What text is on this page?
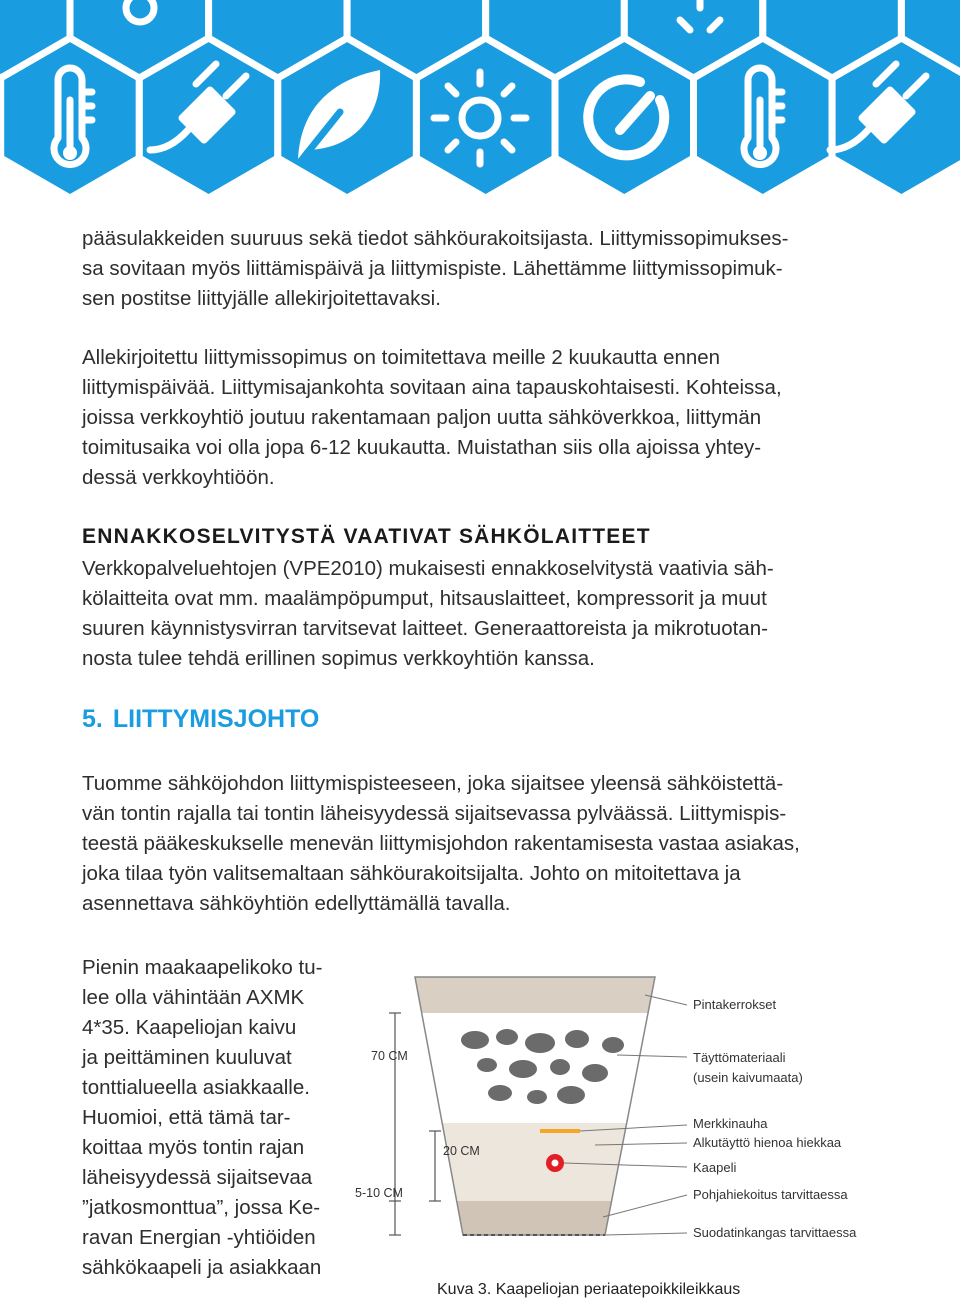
pääsulakkeiden suuruus sekä tiedot sähköurakoitsijasta. Liittymissopimukses-
sa sovitaan myös liittämispäivä ja liittymispiste. Lähettämme liittymissopimuk-
sen postitse liittyjälle allekirjoitettavaksi.
Allekirjoitettu liittymissopimus on toimitettava meille 2 kuukautta ennen
liittymispäivää. Liittymisajankohta sovitaan aina tapauskohtaisesti. Kohteissa,
joissa verkkoyhtiö joutuu rakentamaan paljon uutta sähköverkkoa, liittymän
toimitusaika voi olla jopa 6-12 kuukautta. Muistathan siis olla ajoissa yhtey-
dessä verkkoyhtiöön.
ENNAKKOSELVITYSTÄ VAATIVAT SÄHKÖLAITTEET
Verkkopalveluehtojen (VPE2010) mukaisesti ennakkoselvitystä vaativia säh-
kölaitteita ovat mm. maalämpöpumput, hitsauslaitteet, kompressorit ja muut
suuren käynnistysvirran tarvitsevat laitteet. Generaattoreista ja mikrotuotan-
nosta tulee tehdä erillinen sopimus verkkoyhtiön kanssa.
5. LIITTYMISJOHTO
Tuomme sähköjohdon liittymispisteeseen, joka sijaitsee yleensä sähköistettä-
vän tontin rajalla tai tontin läheisyydessä sijaitsevassa pylväässä. Liittymispis-
teestä pääkeskukselle menevän liittymisjohdon rakentamisesta vastaa asiakas,
joka tilaa työn valitsemaltaan sähköurakoitsijalta. Johto on mitoitettava ja
asennettava sähköyhtiön edellyttämällä tavalla.
Pienin maakaapelikoko tu-
lee olla vähintään AXMK
4*35. Kaapeliojan kaivu
ja peittäminen kuuluvat
tonttialueella asiakkaalle.
Huomioi, että tämä tar-
koittaa myös tontin rajan
läheisyydessä sijaitsevaa
”jatkosmonttua”, jossa Ke-
ravan Energian -yhtiöiden
sähkökaapeli ja asiakkaan
70 CM
20 CM
5-10 CM
Pintakerrokset
Täyttömateriaali
(usein kaivumaata)
Merkkinauha
Alkutäyttö hienoa hiekkaa
Kaapeli
Pohjahiekoitus tarvittaessa
Suodatinkangas tarvittaessa
Kuva 3. Kaapeliojan periaatepoikkileikkaus
